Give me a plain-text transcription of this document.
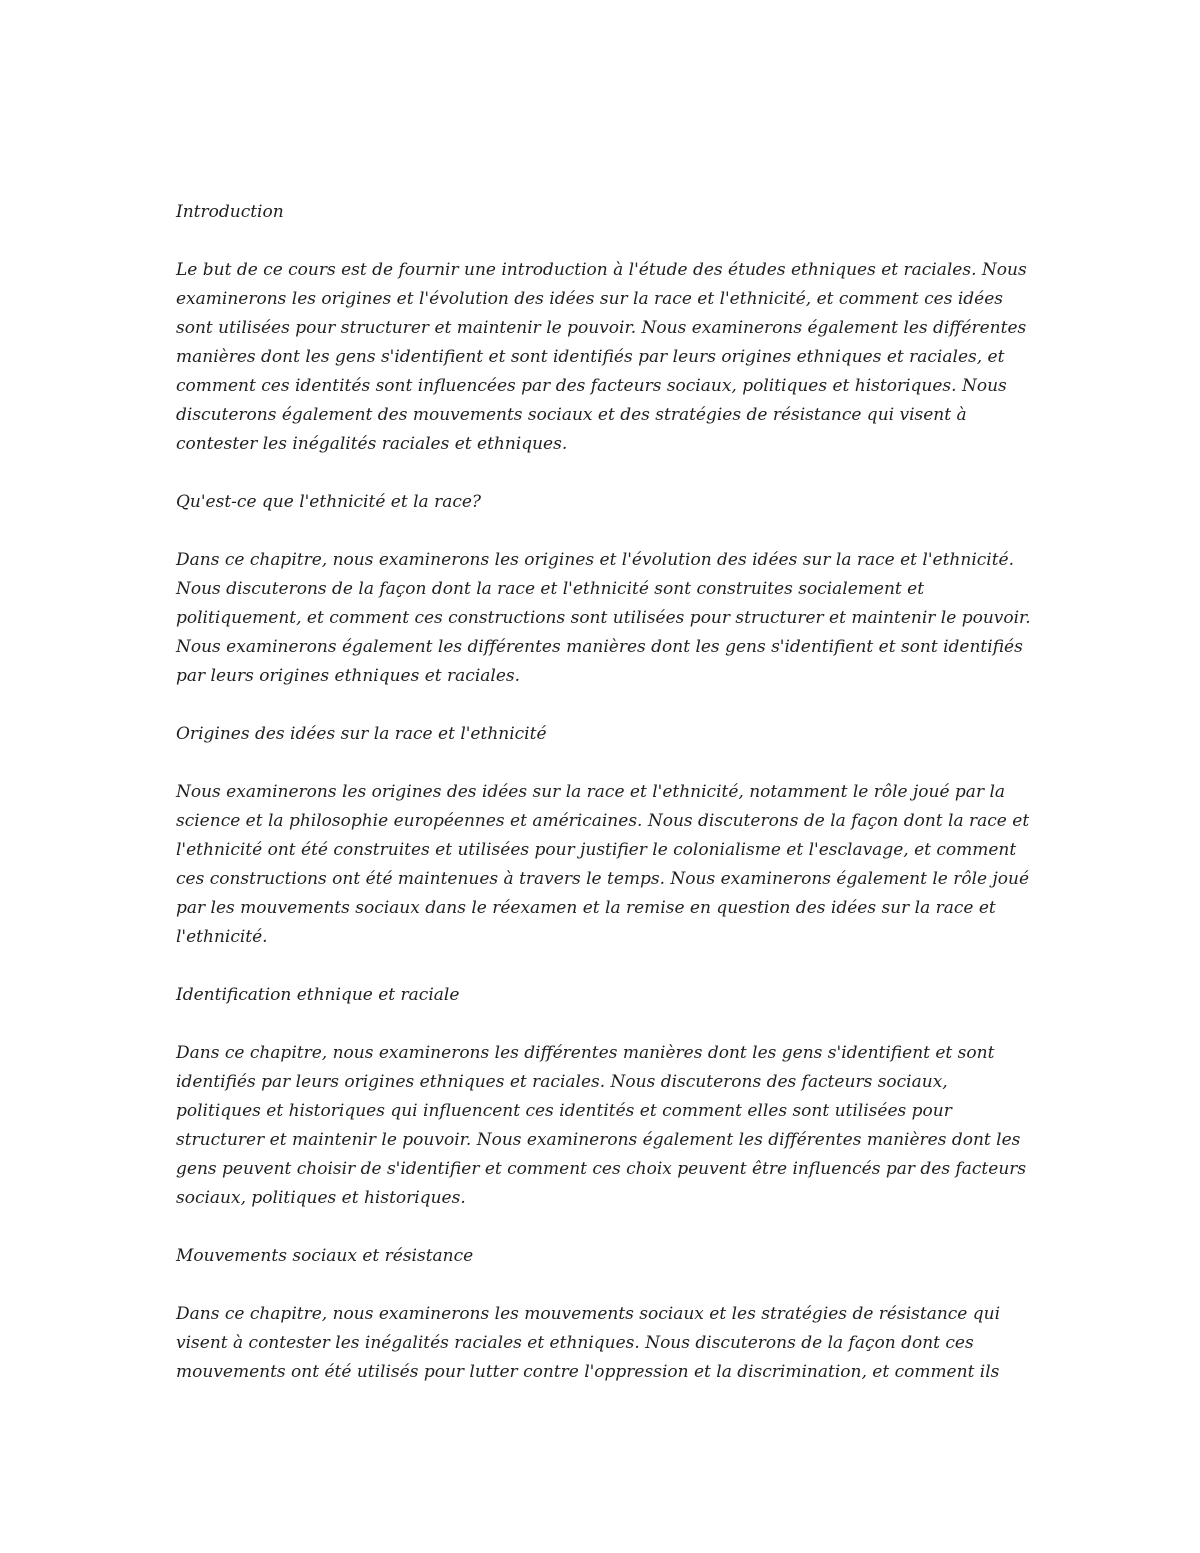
Introduction

Le but de ce cours est de fournir une introduction à l'étude des études ethniques et raciales. Nous examinerons les origines et l'évolution des idées sur la race et l'ethnicité, et comment ces idées sont utilisées pour structurer et maintenir le pouvoir. Nous examinerons également les différentes manières dont les gens s'identifient et sont identifiés par leurs origines ethniques et raciales, et comment ces identités sont influencées par des facteurs sociaux, politiques et historiques. Nous discuterons également des mouvements sociaux et des stratégies de résistance qui visent à contester les inégalités raciales et ethniques.

Qu'est-ce que l'ethnicité et la race?

Dans ce chapitre, nous examinerons les origines et l'évolution des idées sur la race et l'ethnicité. Nous discuterons de la façon dont la race et l'ethnicité sont construites socialement et politiquement, et comment ces constructions sont utilisées pour structurer et maintenir le pouvoir. Nous examinerons également les différentes manières dont les gens s'identifient et sont identifiés par leurs origines ethniques et raciales.

Origines des idées sur la race et l'ethnicité

Nous examinerons les origines des idées sur la race et l'ethnicité, notamment le rôle joué par la science et la philosophie européennes et américaines. Nous discuterons de la façon dont la race et l'ethnicité ont été construites et utilisées pour justifier le colonialisme et l'esclavage, et comment ces constructions ont été maintenues à travers le temps. Nous examinerons également le rôle joué par les mouvements sociaux dans le réexamen et la remise en question des idées sur la race et l'ethnicité.

Identification ethnique et raciale

Dans ce chapitre, nous examinerons les différentes manières dont les gens s'identifient et sont identifiés par leurs origines ethniques et raciales. Nous discuterons des facteurs sociaux, politiques et historiques qui influencent ces identités et comment elles sont utilisées pour structurer et maintenir le pouvoir. Nous examinerons également les différentes manières dont les gens peuvent choisir de s'identifier et comment ces choix peuvent être influencés par des facteurs sociaux, politiques et historiques.

Mouvements sociaux et résistance

Dans ce chapitre, nous examinerons les mouvements sociaux et les stratégies de résistance qui visent à contester les inégalités raciales et ethniques. Nous discuterons de la façon dont ces mouvements ont été utilisés pour lutter contre l'oppression et la discrimination, et comment ils
